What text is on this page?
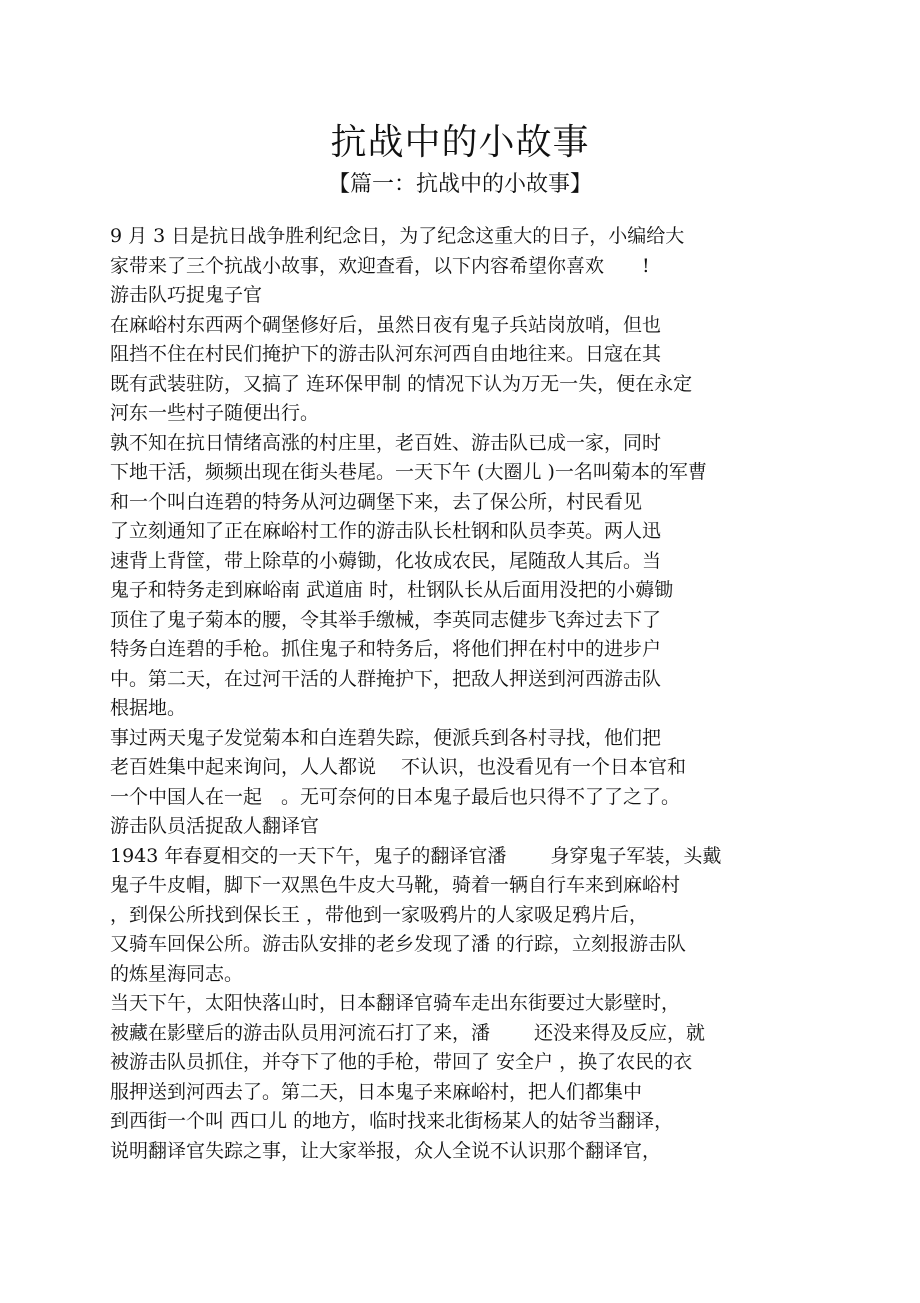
抗战中的小故事
【篇一：抗战中的小故事】
9 月 3 日是抗日战争胜利纪念日，为了纪念这重大的日子，小编给大
家带来了三个抗战小故事，欢迎查看，以下内容希望你喜欢　　!
游击队巧捉鬼子官
在麻峪村东西两个碉堡修好后，虽然日夜有鬼子兵站岗放哨，但也
阻挡不住在村民们掩护下的游击队河东河西自由地往来。日寇在其
既有武装驻防，又搞了 连环保甲制 的情况下认为万无一失，便在永定
河东一些村子随便出行。
孰不知在抗日情绪高涨的村庄里，老百姓、游击队已成一家，同时
下地干活，频频出现在街头巷尾。一天下午 (大圈儿 )一名叫菊本的军曹
和一个叫白连碧的特务从河边碉堡下来，去了保公所，村民看见
了立刻通知了正在麻峪村工作的游击队长杜钢和队员李英。两人迅
速背上背筐，带上除草的小薅锄，化妆成农民，尾随敌人其后。当
鬼子和特务走到麻峪南 武道庙 时，杜钢队长从后面用没把的小薅锄
顶住了鬼子菊本的腰，令其举手缴械，李英同志健步飞奔过去下了
特务白连碧的手枪。抓住鬼子和特务后，将他们押在村中的进步户
中。第二天，在过河干活的人群掩护下，把敌人押送到河西游击队
根据地。
事过两天鬼子发觉菊本和白连碧失踪，便派兵到各村寻找，他们把
老百姓集中起来询问，人人都说　 不认识，也没看见有一个日本官和
一个中国人在一起　。无可奈何的日本鬼子最后也只得不了了之了。
游击队员活捉敌人翻译官
1943 年春夏相交的一天下午，鬼子的翻译官潘　　 身穿鬼子军装，头戴
鬼子牛皮帽，脚下一双黑色牛皮大马靴，骑着一辆自行车来到麻峪村
，到保公所找到保长王 ，带他到一家吸鸦片的人家吸足鸦片后，
又骑车回保公所。游击队安排的老乡发现了潘 的行踪，立刻报游击队
的炼星海同志。
当天下午，太阳快落山时，日本翻译官骑车走出东街要过大影壁时，
被藏在影壁后的游击队员用河流石打了来，潘　　 还没来得及反应，就
被游击队员抓住，并夺下了他的手枪，带回了 安全户 ，换了农民的衣
服押送到河西去了。第二天，日本鬼子来麻峪村，把人们都集中
到西街一个叫 西口儿 的地方，临时找来北街杨某人的姑爷当翻译，
说明翻译官失踪之事，让大家举报，众人全说不认识那个翻译官，
